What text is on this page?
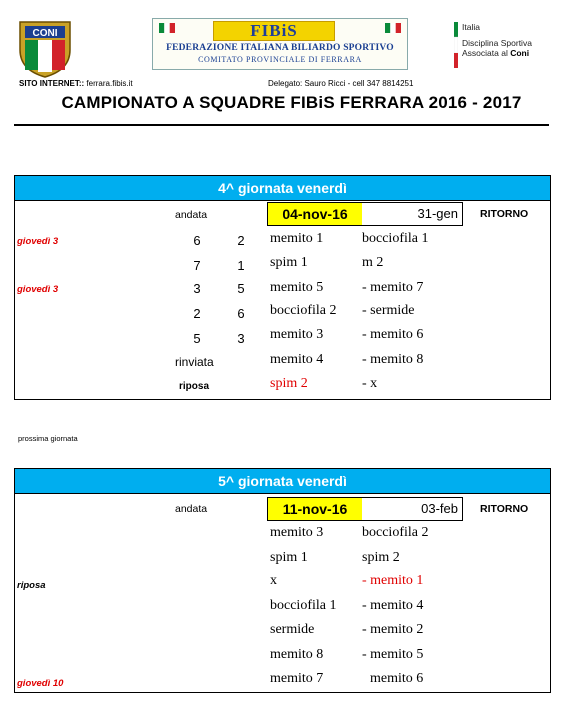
CONI	FIBiS
FEDERAZIONE ITALIANA BILIARDO SPORTIVO
COMITATO PROVINCIALE DI FERRARA
Italia
Disciplina Sportiva
Associata al Coni
SITO INTERNET:: ferrara.fibis.it	Delegato: Sauro Ricci - cell 347 8814251
CAMPIONATO A SQUADRE FIBiS FERRARA 2016 - 2017
4^ giornata venerdì
andata	04-nov-16	31-gen RITORNO
giovedì 3	6	2	memito 1	bocciofila 1
7	1	spim 1	m 2
giovedì 3	3	5	memito 5	- memito 7
2	6	bocciofila 2 - sermide
5	3	memito 3	- memito 6
rinviata	memito 4	- memito 8
riposa	spim 2	- x
prossima giornata
5^ giornata venerdì
andata	11-nov-16	03-feb RITORNO
memito 3	bocciofila 2
spim 1	spim 2
riposa	x	- memito 1
bocciofila 1 - memito 4
sermide	- memito 2
memito 8	- memito 5
giovedì 10	memito 7	memito 6
